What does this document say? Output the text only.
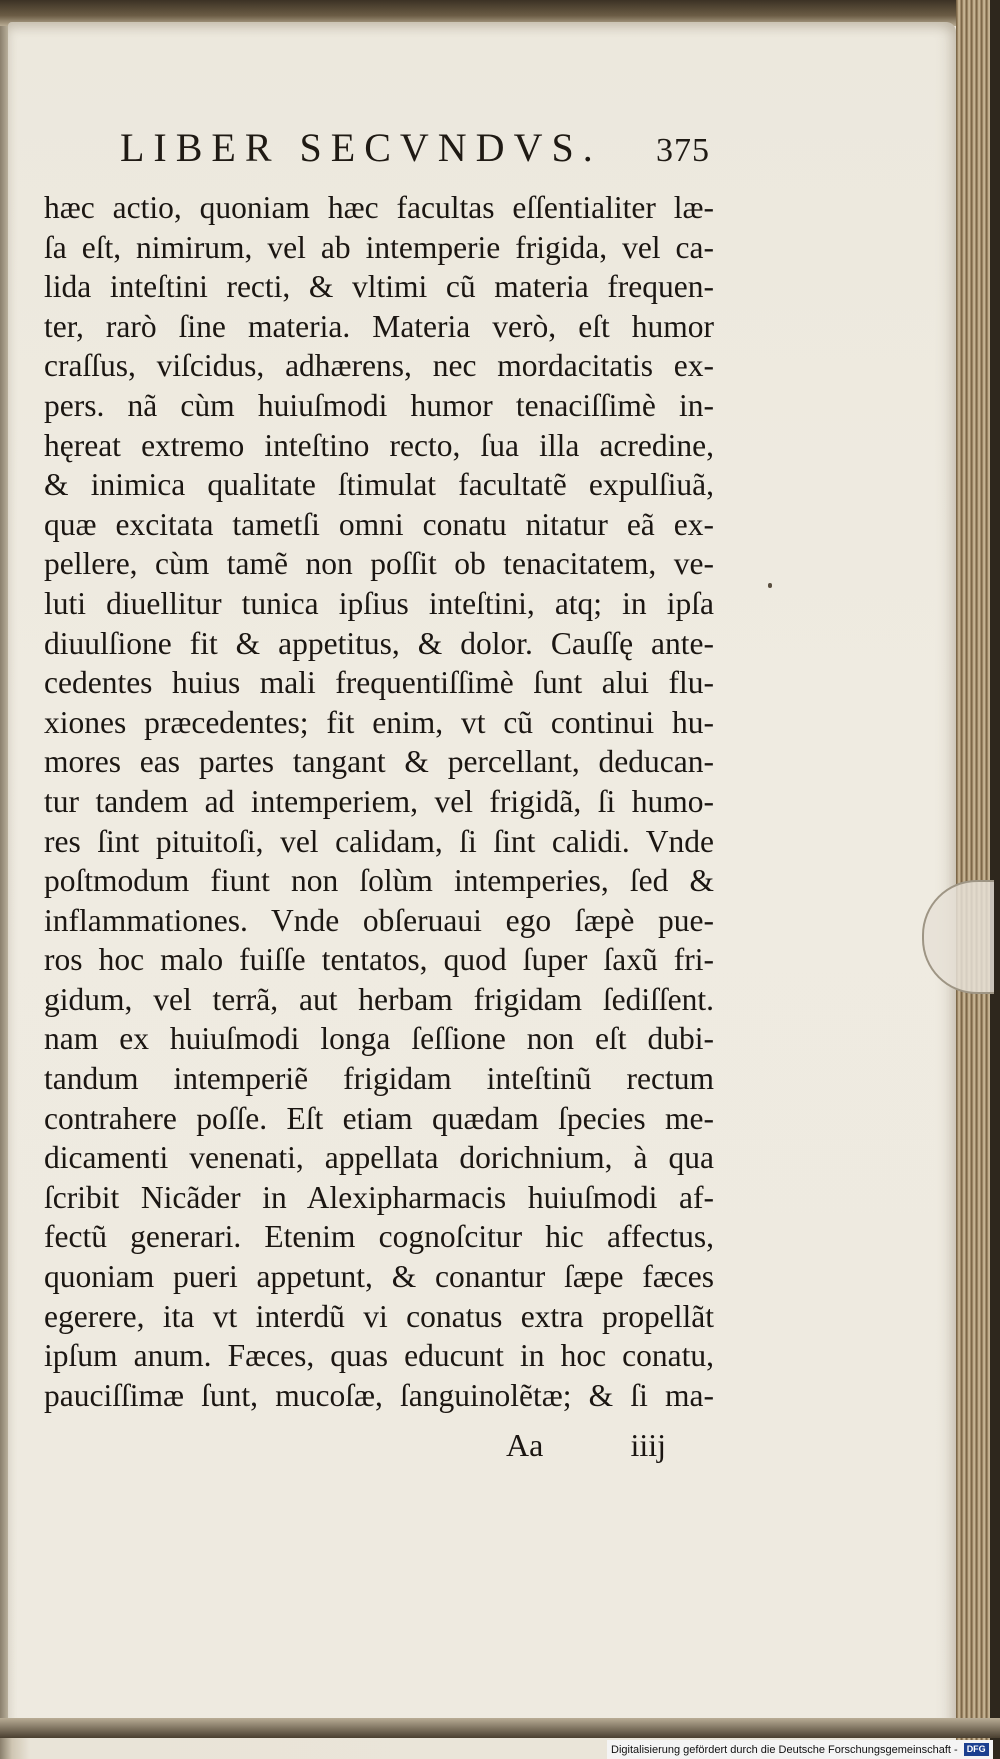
LIBER SECVNDVS. 375
hæc actio, quoniam hæc facultas eſſentialiter læ-
ſa eſt, nimirum, vel ab intemperie frigida, vel ca-
lida inteſtini recti, & vltimi cũ materia frequen-
ter, rarò ſine materia. Materia verò, eſt humor
craſſus, viſcidus, adhærens, nec mordacitatis ex-
pers. nã cùm huiuſmodi humor tenaciſſimè in-
hęreat extremo inteſtino recto, ſua illa acredine,
& inimica qualitate ſtimulat facultatẽ expulſiuã,
quæ excitata tametſi omni conatu nitatur eã ex-
pellere, cùm tamẽ non poſſit ob tenacitatem, ve-
luti diuellitur tunica ipſius inteſtini, atq; in ipſa
diuulſione fit & appetitus, & dolor. Cauſſę ante-
cedentes huius mali frequentiſſimè ſunt alui flu-
xiones præcedentes; fit enim, vt cũ continui hu-
mores eas partes tangant & percellant, deducan-
tur tandem ad intemperiem, vel frigidã, ſi humo-
res ſint pituitoſi, vel calidam, ſi ſint calidi. Vnde
poſtmodum fiunt non ſolùm intemperies, ſed &
inflammationes. Vnde obſeruaui ego ſæpè pue-
ros hoc malo fuiſſe tentatos, quod ſuper ſaxũ fri-
gidum, vel terrã, aut herbam frigidam ſediſſent.
nam ex huiuſmodi longa ſeſſione non eſt dubi-
tandum intemperiẽ frigidam inteſtinũ rectum
contrahere poſſe. Eſt etiam quædam ſpecies me-
dicamenti venenati, appellata dorichnium, à qua
ſcribit Nicãder in Alexipharmacis huiuſmodi af-
fectũ generari. Etenim cognoſcitur hic affectus,
quoniam pueri appetunt, & conantur ſæpe fæces
egerere, ita vt interdũ vi conatus extra propellãt
ipſum anum. Fæces, quas educunt in hoc conatu,
pauciſſimæ ſunt, mucoſæ, ſanguinolẽtæ; & ſi ma-
Aa	iiij
Digitalisierung gefördert durch die Deutsche Forschungsgemeinschaft -	DFG
